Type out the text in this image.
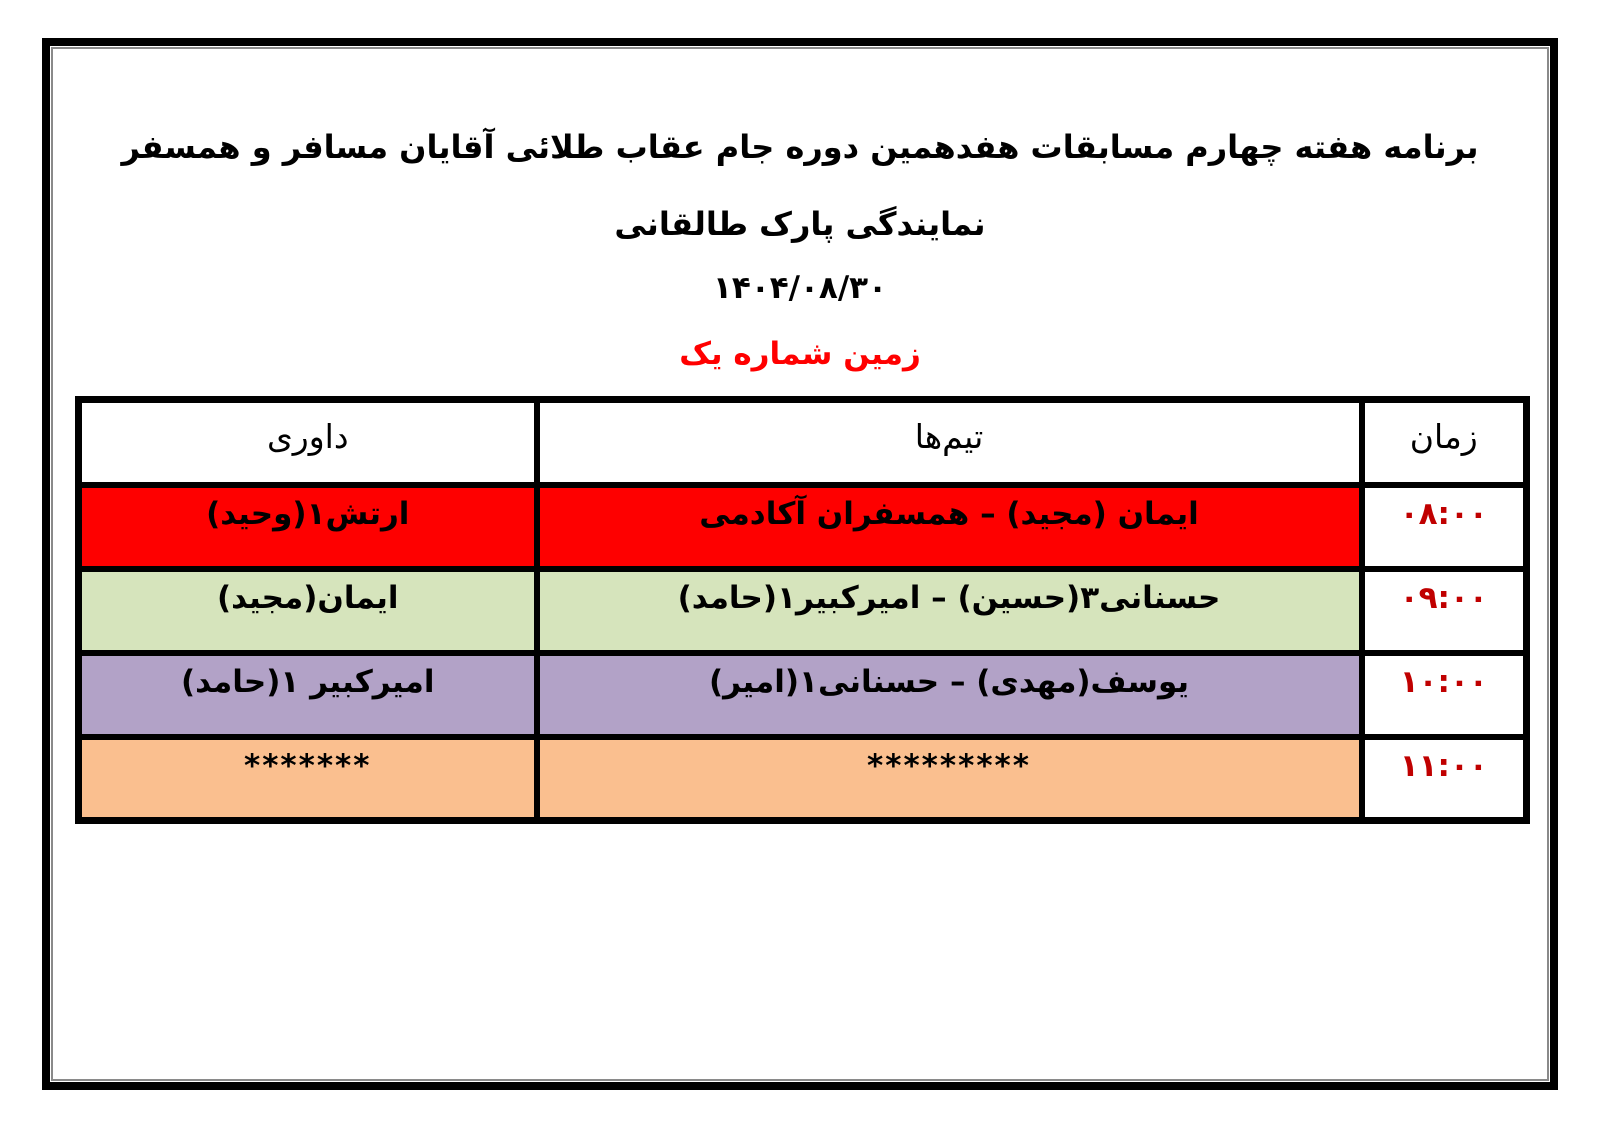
برنامه هفته چهارم مسابقات هفدهمین دوره جام عقاب طلائی آقایان مسافر و همسفر
نمایندگی پارک طالقانی
۱۴۰۴/۰۸/۳۰
زمین شماره یک
زمان	تیم‌ها	داوری
۰۸:۰۰	ایمان (مجید) – همسفران آکادمی	ارتش۱(وحید)
۰۹:۰۰	حسنانی۳(حسین) – امیرکبیر۱(حامد)	ایمان(مجید)
۱۰:۰۰	یوسف(مهدی) – حسنانی۱(امیر)	امیرکبیر ۱(حامد)
۱۱:۰۰	*********	*******
